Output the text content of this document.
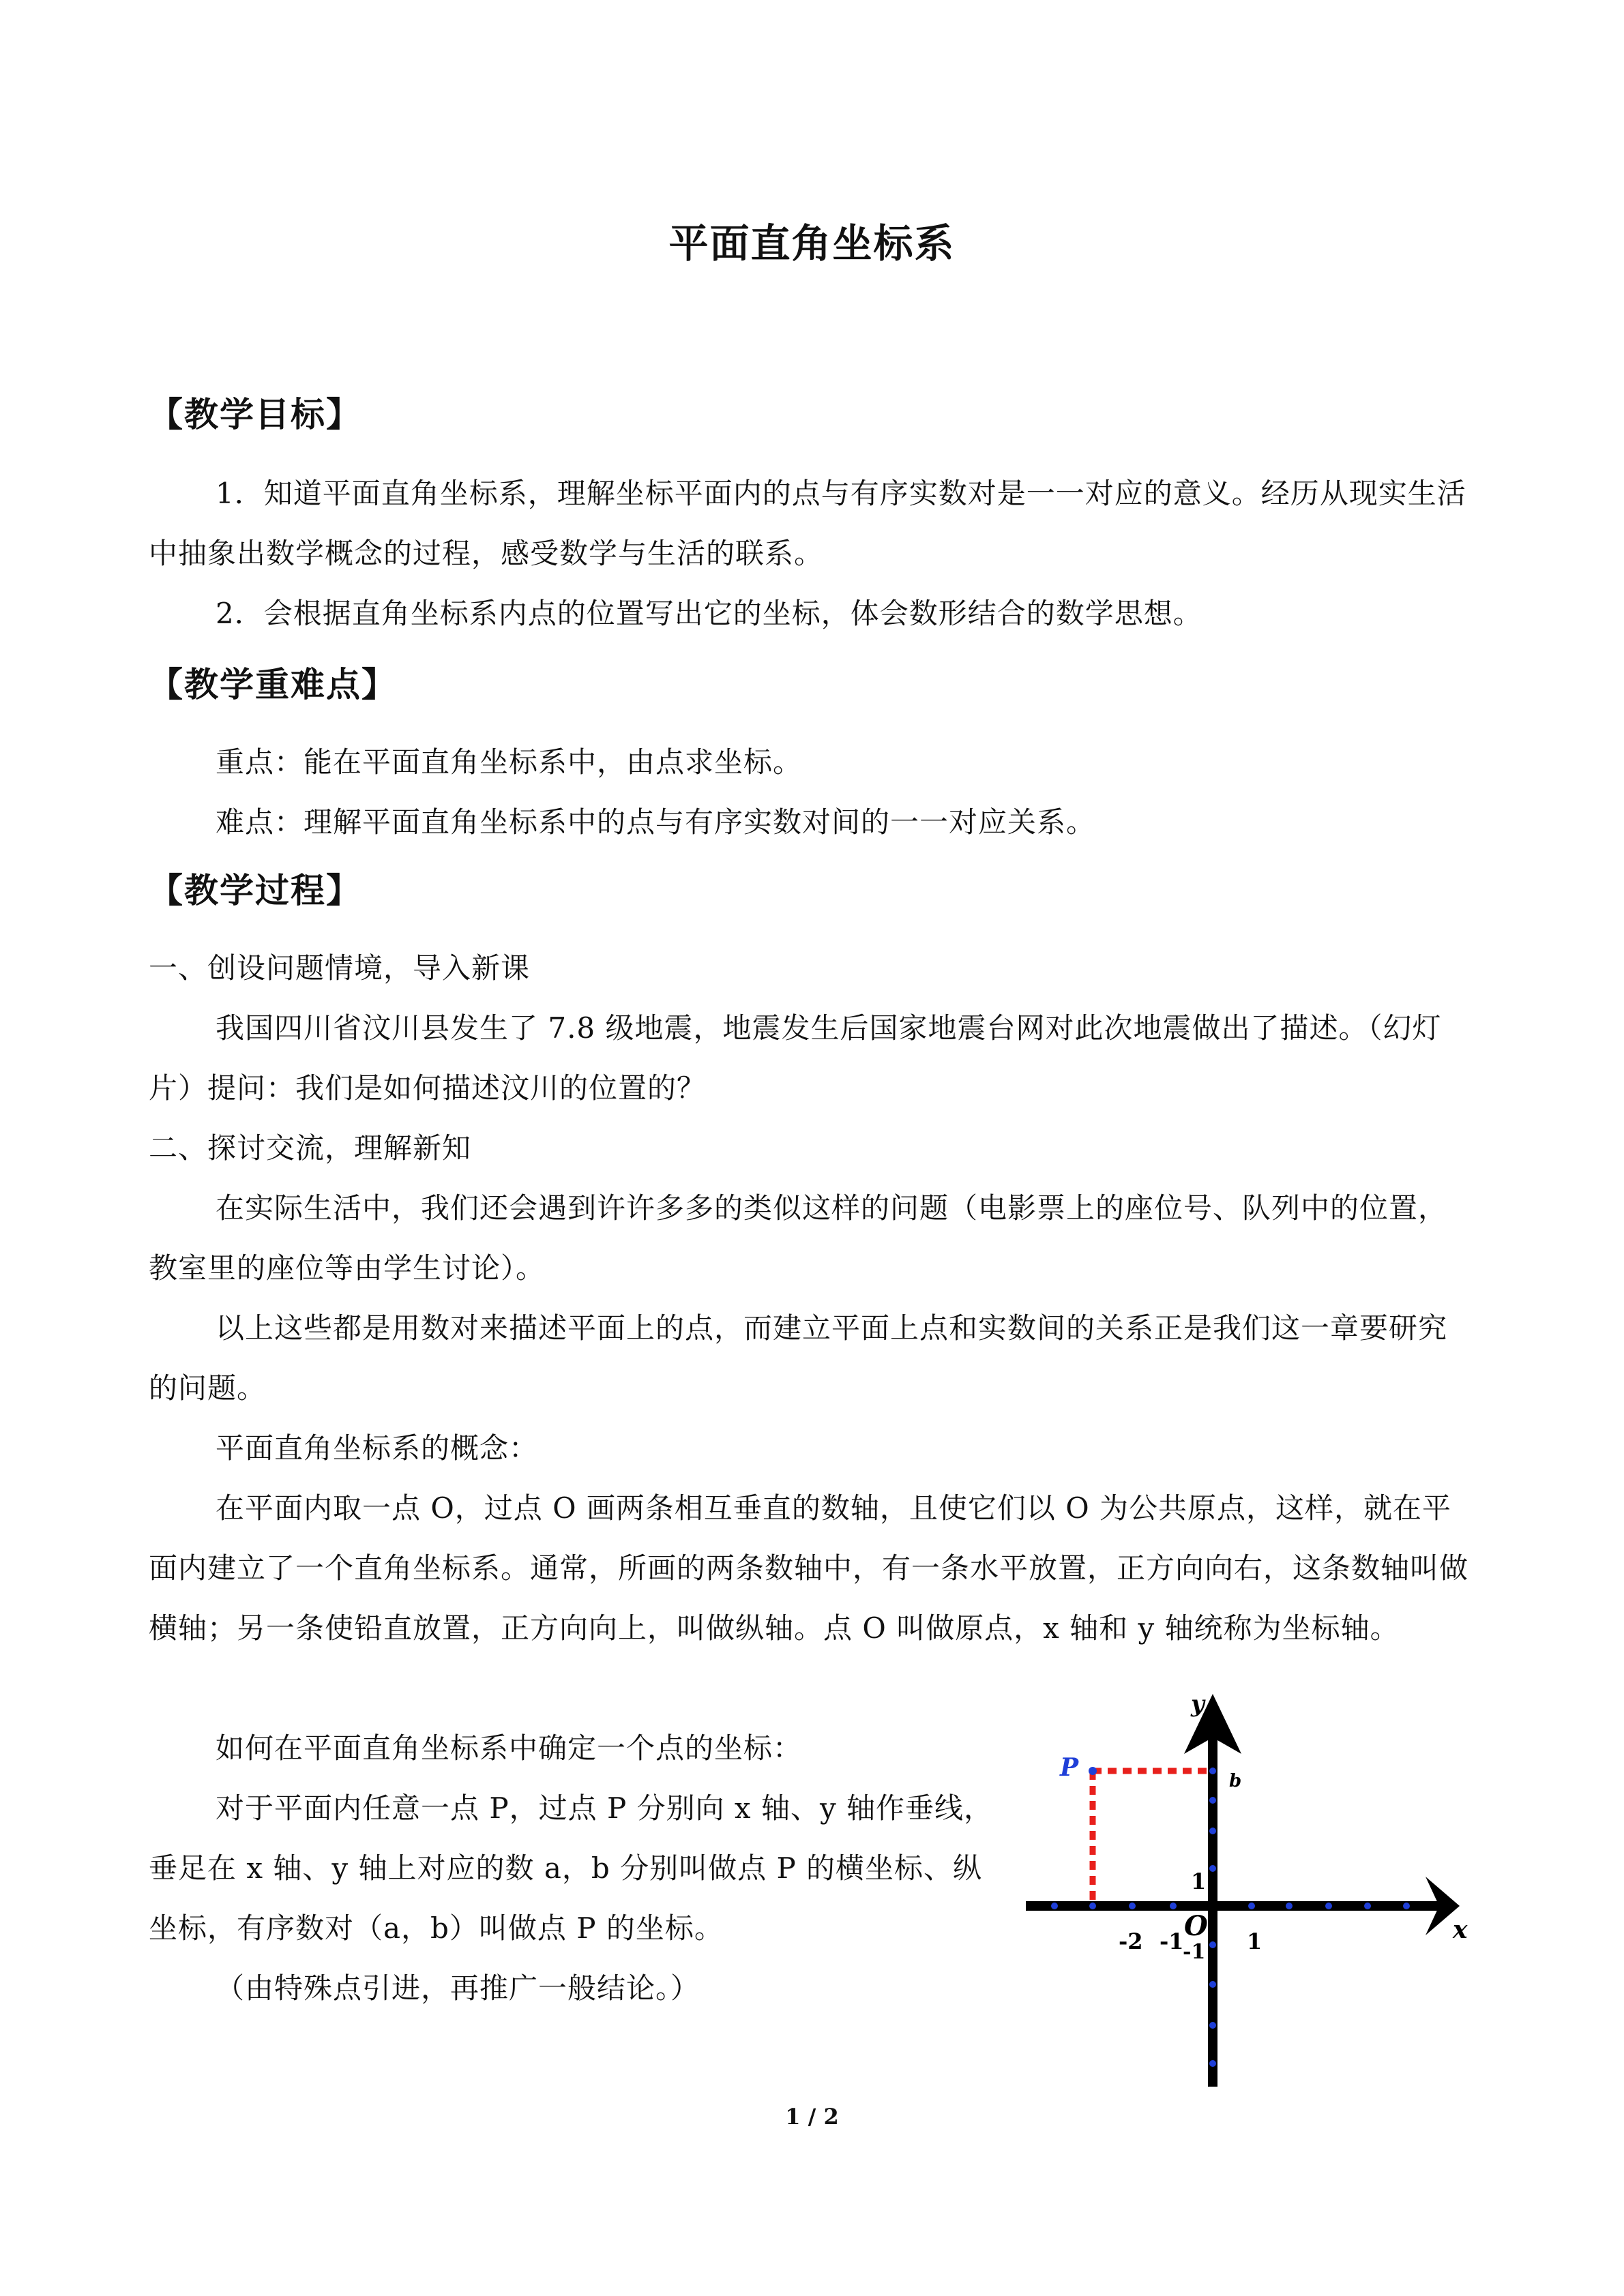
平面直角坐标系
【教学目标】

1．知道平面直角坐标系，理解坐标平面内的点与有序实数对是一一对应的意义。经历从现实生活中抽象出数学概念的过程，感受数学与生活的联系。

2．会根据直角坐标系内点的位置写出它的坐标，体会数形结合的数学思想。

【教学重难点】

重点：能在平面直角坐标系中，由点求坐标。

难点：理解平面直角坐标系中的点与有序实数对间的一一对应关系。

【教学过程】
一、创设问题情境，导入新课

我国四川省汶川县发生了 7.8 级地震，地震发生后国家地震台网对此次地震做出了描述。（幻灯片）提问：我们是如何描述汶川的位置的？

二、探讨交流，理解新知

在实际生活中，我们还会遇到许许多多的类似这样的问题（电影票上的座位号、队列中的位置，教室里的座位等由学生讨论）。

以上这些都是用数对来描述平面上的点，而建立平面上点和实数间的关系正是我们这一章要研究的问题。

平面直角坐标系的概念：

在平面内取一点 O，过点 O 画两条相互垂直的数轴，且使它们以 O 为公共原点，这样，就在平面内建立了一个直角坐标系。通常，所画的两条数轴中，有一条水平放置，正方向向右，这条数轴叫做横轴；另一条使铅直放置，正方向向上，叫做纵轴。点 O 叫做原点，x 轴和 y 轴统称为坐标轴。

如何在平面直角坐标系中确定一个点的坐标：

对于平面内任意一点 P，过点 P 分别向 x 轴、y 轴作垂线，垂足在 x 轴、y 轴上对应的数 a，b 分别叫做点 P 的横坐标、纵坐标，有序数对（a，b）叫做点 P 的坐标。

（由特殊点引进，再推广一般结论。）
y
x
P	b
1
-2 -1 O
-1 1
1 / 2
